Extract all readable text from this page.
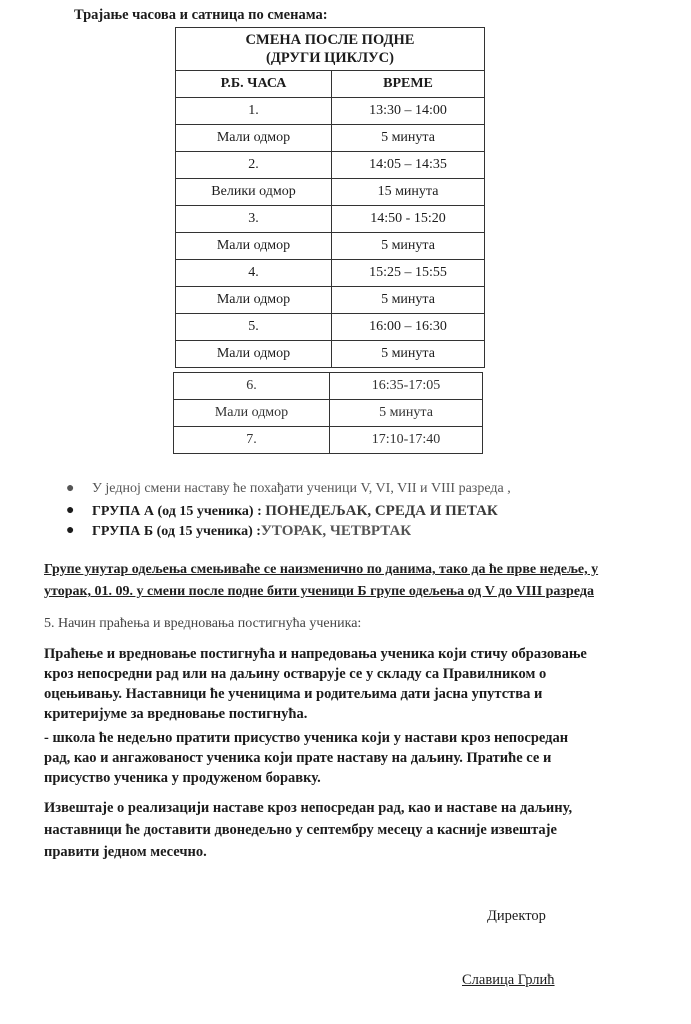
Трајање часова и сатница по сменама:
СМЕНА ПОСЛЕ ПОДНЕ
(ДРУГИ ЦИКЛУС)	
Р.Б. ЧАСА	ВРЕМЕ
1.	13:30 – 14:00
Мали одмор	5 минута
2.	14:05 – 14:35
Велики одмор	15 минута
3.	14:50 - 15:20
Мали одмор	5 минута
4.	15:25 – 15:55
Мали одмор	5 минута
5.	16:00 – 16:30
Мали одмор	5 минута
6.	16:35-17:05
Мали одмор	5 минута
7.	17:10-17:40
● У једној смени наставу ће похађати ученици V, VI, VII и VIII разреда ,
● ГРУПА А (од 15 ученика) : ПОНЕДЕЉАК, СРЕДА И ПЕТАК
● ГРУПА Б (од 15 ученика) :УТОРАК, ЧЕТВРТАК
Групе унутар одељења смењиваће се наизменично по данима, тако да ће прве недеље, у
уторак, 01. 09. у смени после подне бити ученици Б групе одељења од V до VIII разреда
5. Начин праћења и вредновања постигнућа ученика:
Праћење и вредновање постигнућа и напредовања ученика који стичу образовање
кроз непосредни рад или на даљину остварује се у складу са Правилником о
оцењивању. Наставници ће ученицима и родитељима дати јасна упутства и
критеријуме за вредновање постигнућа.
- школа ће недељно пратити присуство ученика који у настави кроз непосредан
рад, као и ангажованост ученика који прате наставу на даљину. Пратиће се и
присуство ученика у продуженом боравку.
Извештаје о реализацији наставе кроз непосредан рад, као и наставе на даљину,
наставници ће доставити двонедељно у септембру месецу а касније извештаје
правити једном месечно.
Директор
Славица Грлић
